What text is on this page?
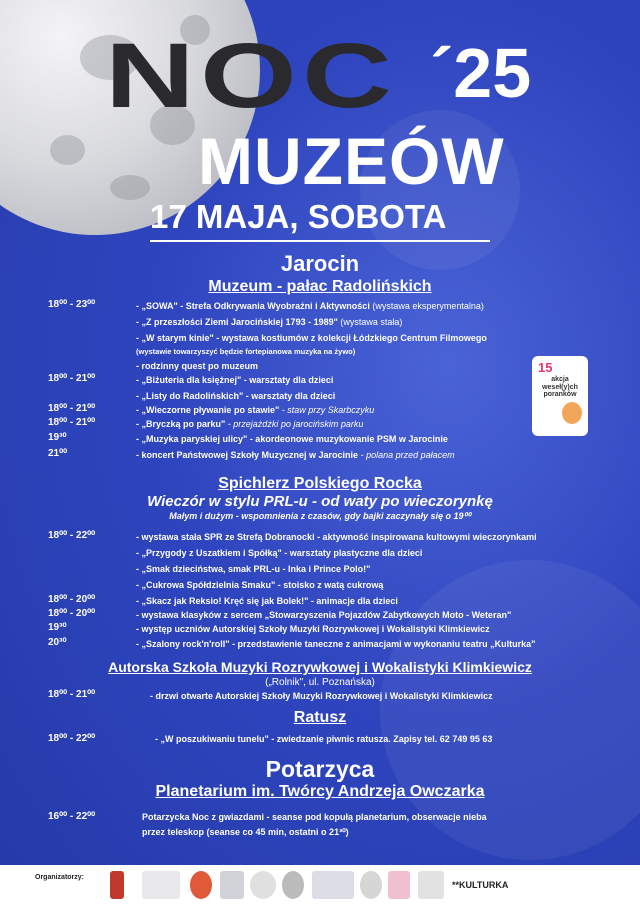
NOC ´25
MUZEÓW
17 MAJA, SOBOTA
Jarocin
Muzeum - pałac Radolińskich
18⁰⁰ - 23⁰⁰	- „SOWA" - Strefa Odkrywania Wyobraźni i Aktywności (wystawa eksperymentalna)
- „Z przeszłości Ziemi Jarocińskiej 1793 - 1989" (wystawa stała)
- „W starym kinie" - wystawa kostiumów z kolekcji Łódzkiego Centrum Filmowego
(wystawie towarzyszyć będzie fortepianowa muzyka na żywo)
- rodzinny quest po muzeum
18⁰⁰ - 21⁰⁰	- „Biżuteria dla księżnej" - warsztaty dla dzieci
- „Listy do Radolińskich" - warsztaty dla dzieci
18⁰⁰ - 21⁰⁰	- „Wieczorne pływanie po stawie" - staw przy Skarbczyku
18⁰⁰ - 21⁰⁰	- „Bryczką po parku" - przejażdżki po jarocińskim parku
19³⁰	- „Muzyka paryskiej ulicy" - akordeonowe muzykowanie PSM w Jarocinie
21⁰⁰	- koncert Państwowej Szkoły Muzycznej w Jarocinie - polana przed pałacem
15
akcja weseł(y)ch poranków
Spichlerz Polskiego Rocka
Wieczór w stylu PRL-u - od waty po wieczorynkę
Małym i dużym - wspomnienia z czasów, gdy bajki zaczynały się o 19⁰⁰
18⁰⁰ - 22⁰⁰	- wystawa stała SPR ze Strefą Dobranocki - aktywność inspirowana kultowymi wieczorynkami
- „Przygody z Uszatkiem i Spółką" - warsztaty plastyczne dla dzieci
- „Smak dzieciństwa, smak PRL-u - Inka i Prince Polo!"
- „Cukrowa Spółdzielnia Smaku" - stoisko z watą cukrową
18⁰⁰ - 20⁰⁰	- „Skacz jak Reksio! Kręć się jak Bolek!" - animacje dla dzieci
18⁰⁰ - 20⁰⁰	- wystawa klasyków z sercem „Stowarzyszenia Pojazdów Zabytkowych Moto - Weteran"
19³⁰	- występ uczniów Autorskiej Szkoły Muzyki Rozrywkowej i Wokalistyki Klimkiewicz
20³⁰	- „Szalony rock'n'roll" - przedstawienie taneczne z animacjami w wykonaniu teatru „Kulturka"
Autorska Szkoła Muzyki Rozrywkowej i Wokalistyki Klimkiewicz
(„Rolnik", ul. Poznańska)
18⁰⁰ - 21⁰⁰	- drzwi otwarte Autorskiej Szkoły Muzyki Rozrywkowej i Wokalistyki Klimkiewicz
Ratusz
18⁰⁰ - 22⁰⁰	- „W poszukiwaniu tunelu" - zwiedzanie piwnic ratusza. Zapisy tel. 62 749 95 63
Potarzyca
Planetarium im. Twórcy Andrzeja Owczarka
16⁰⁰ - 22⁰⁰	Potarzycka Noc z gwiazdami - seanse pod kopułą planetarium, obserwacje nieba
przez teleskop (seanse co 45 min, ostatni o 21³⁰)
Organizatorzy:
**KULTURKA
